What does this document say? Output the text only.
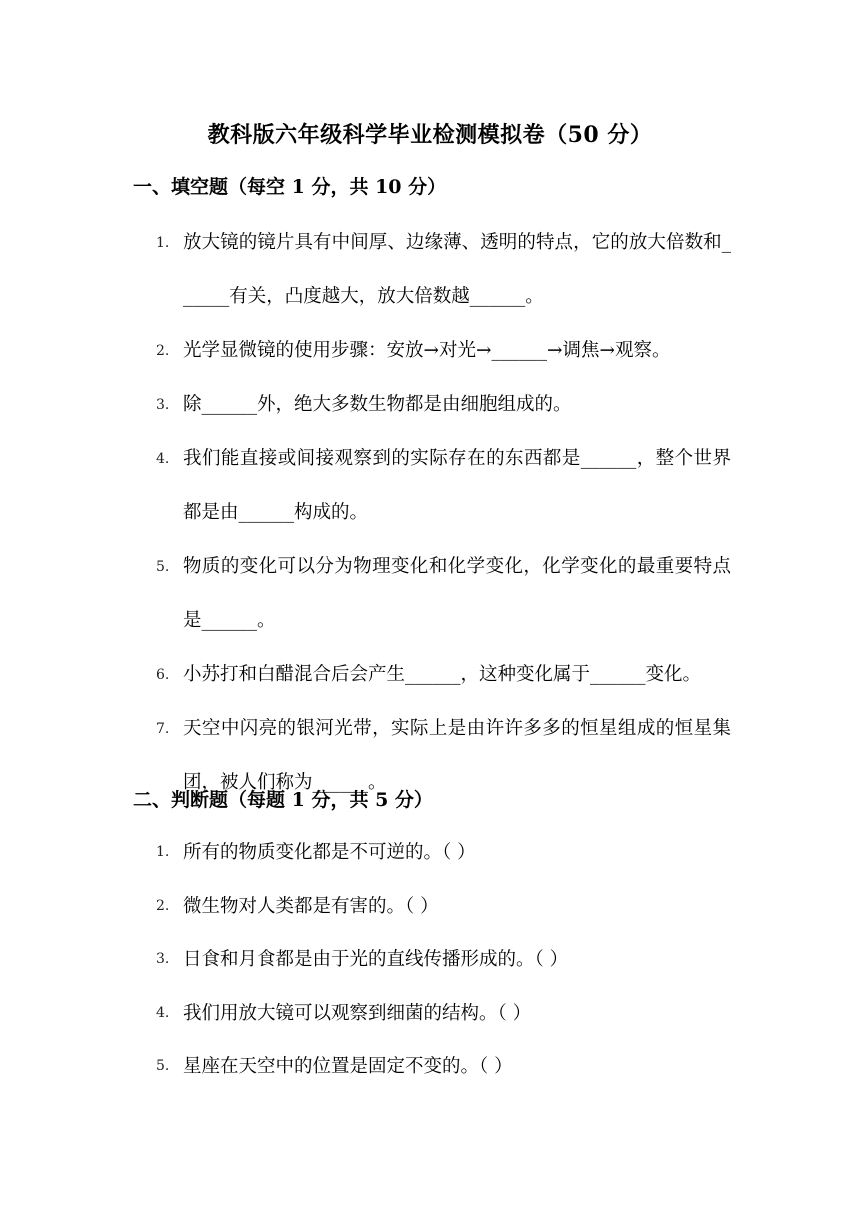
教科版六年级科学毕业检测模拟卷（50 分）
一、填空题（每空 1 分，共 10 分）
1. 放大镜的镜片具有中间厚、边缘薄、透明的特点，它的放大倍数和______有关，凸度越大，放大倍数越______。
2. 光学显微镜的使用步骤：安放→对光→______→调焦→观察。
3. 除______外，绝大多数生物都是由细胞组成的。
4. 我们能直接或间接观察到的实际存在的东西都是______，整个世界都是由______构成的。
5. 物质的变化可以分为物理变化和化学变化，化学变化的最重要特点是______。
6. 小苏打和白醋混合后会产生______，这种变化属于______变化。
7. 天空中闪亮的银河光带，实际上是由许许多多的恒星组成的恒星集团，被人们称为______。
二、判断题（每题 1 分，共 5 分）
1. 所有的物质变化都是不可逆的。（ ）
2. 微生物对人类都是有害的。（ ）
3. 日食和月食都是由于光的直线传播形成的。（ ）
4. 我们用放大镜可以观察到细菌的结构。（ ）
5. 星座在天空中的位置是固定不变的。（ ）
